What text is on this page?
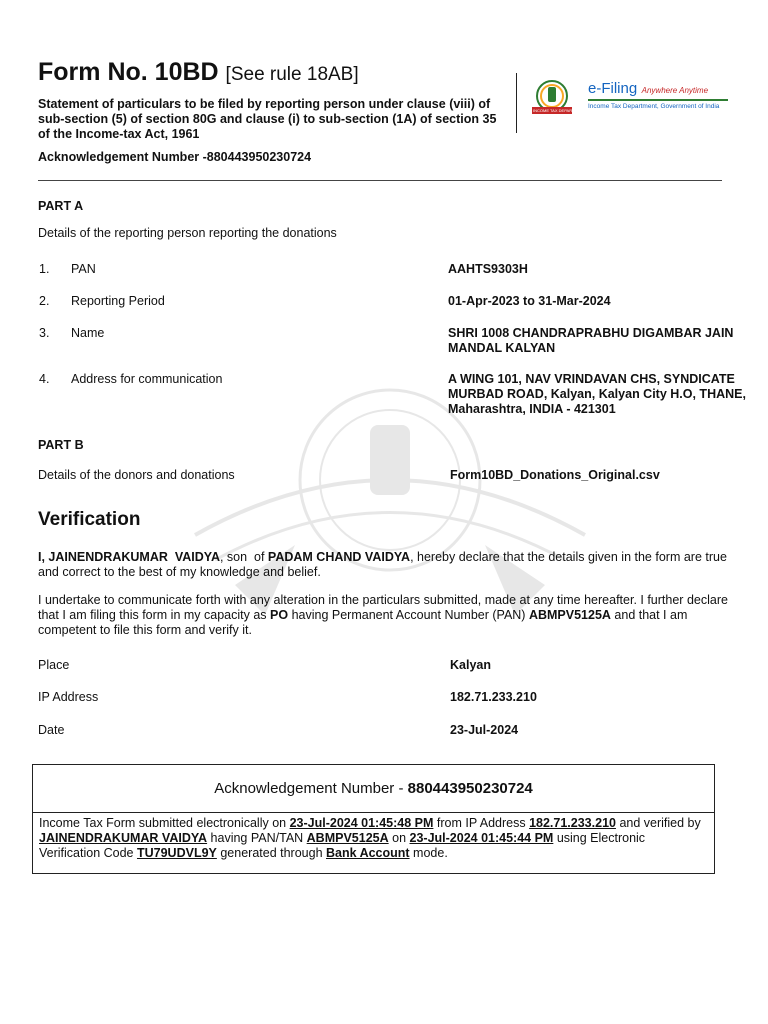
Form No. 10BD [See rule 18AB]
Statement of particulars to be filed by reporting person under clause (viii) of sub-section (5) of section 80G and clause (i) to sub-section (1A) of section 35 of the Income-tax Act, 1961
Acknowledgement Number -880443950230724
INCOME TAX DEPARTMENT
e-Filing Anywhere Anytime
Income Tax Department, Government of India
PART A
Details of the reporting person reporting the donations
1. PAN	AAHTS9303H
2. Reporting Period	01-Apr-2023 to 31-Mar-2024
3. Name	SHRI 1008 CHANDRAPRABHU DIGAMBAR JAIN MANDAL KALYAN
4. Address for communication	A WING 101, NAV VRINDAVAN CHS, SYNDICATE MURBAD ROAD, Kalyan, Kalyan City H.O, THANE, Maharashtra, INDIA - 421301
PART B
Details of the donors and donations	Form10BD_Donations_Original.csv
Verification
I, JAINENDRAKUMAR  VAIDYA, son  of PADAM CHAND VAIDYA, hereby declare that the details given in the form are true and correct to the best of my knowledge and belief.
I undertake to communicate forth with any alteration in the particulars submitted, made at any time hereafter. I further declare that I am filing this form in my capacity as PO having Permanent Account Number (PAN) ABMPV5125A and that I am competent to file this form and verify it.
Place	Kalyan
IP Address	182.71.233.210
Date	23-Jul-2024
Acknowledgement Number - 880443950230724
Income Tax Form submitted electronically on 23-Jul-2024 01:45:48 PM from IP Address 182.71.233.210 and verified by JAINENDRAKUMAR VAIDYA having PAN/TAN ABMPV5125A on 23-Jul-2024 01:45:44 PM using Electronic Verification Code TU79UDVL9Y generated through Bank Account mode.
